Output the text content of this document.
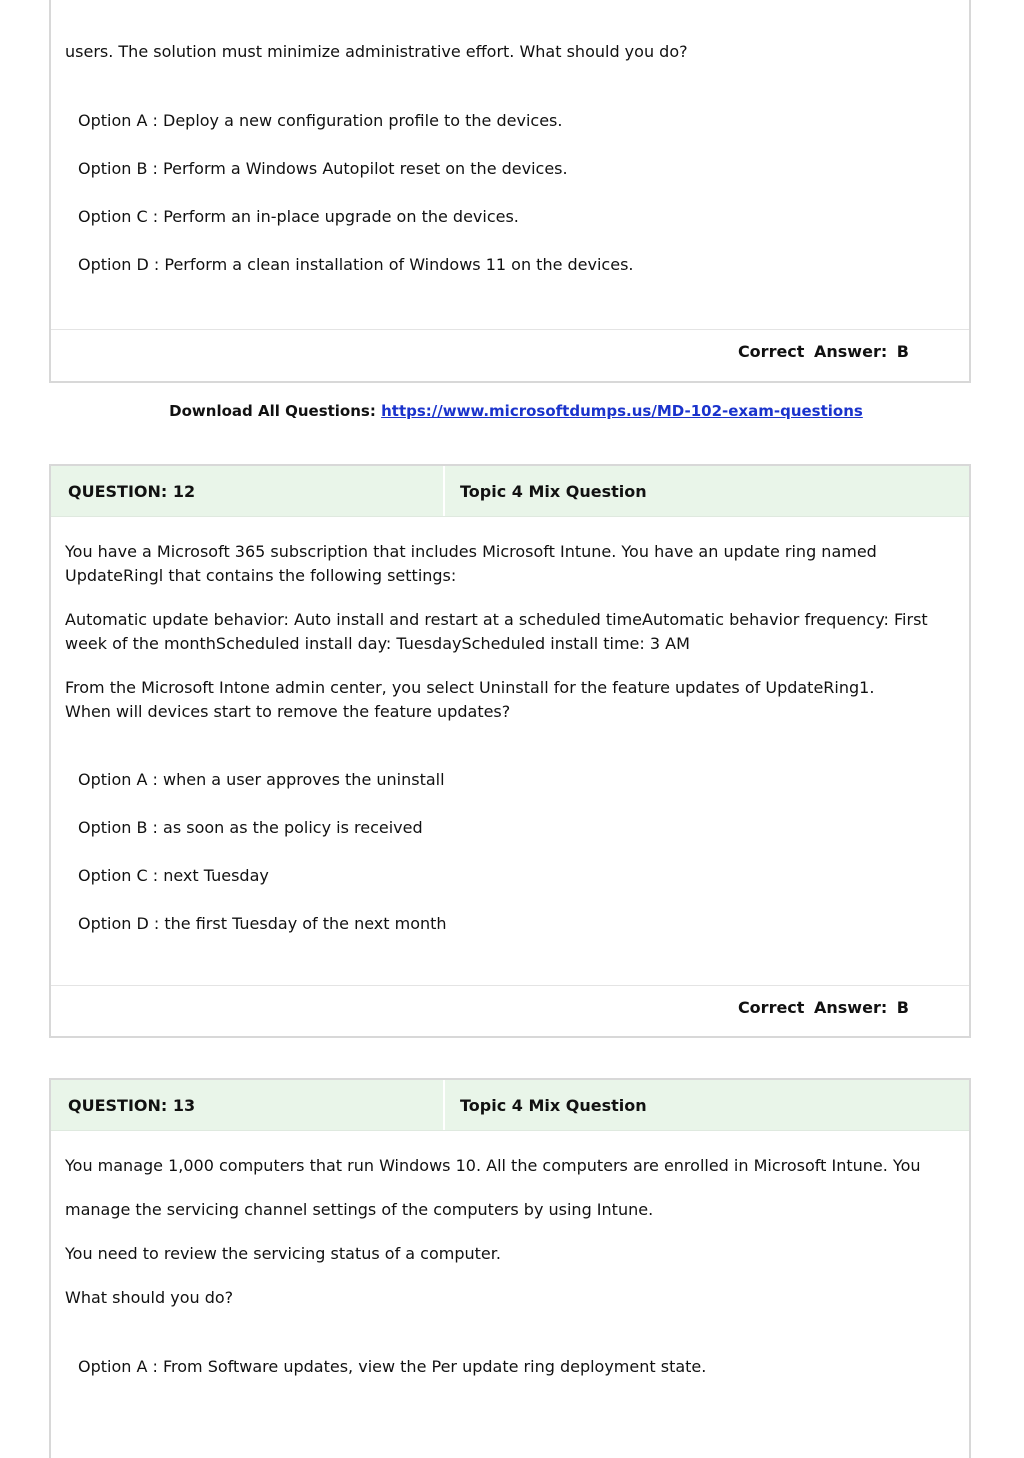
users. The solution must minimize administrative effort. What should you do?
Option A : Deploy a new configuration profile to the devices.
Option B : Perform a Windows Autopilot reset on the devices.
Option C : Perform an in-place upgrade on the devices.
Option D : Perform a clean installation of Windows 11 on the devices.
Correct Answer: B
Download All Questions: https://www.microsoftdumps.us/MD-102-exam-questions
QUESTION: 12	Topic 4 Mix Question
You have a Microsoft 365 subscription that includes Microsoft Intune. You have an update ring named UpdateRingl that contains the following settings:
Automatic update behavior: Auto install and restart at a scheduled timeAutomatic behavior frequency: First week of the monthScheduled install day: TuesdayScheduled install time: 3 AM
From the Microsoft Intone admin center, you select Uninstall for the feature updates of UpdateRing1.
When will devices start to remove the feature updates?
Option A : when a user approves the uninstall
Option B : as soon as the policy is received
Option C : next Tuesday
Option D : the first Tuesday of the next month
Correct Answer: B
QUESTION: 13	Topic 4 Mix Question
You manage 1,000 computers that run Windows 10. All the computers are enrolled in Microsoft Intune. You
manage the servicing channel settings of the computers by using Intune.
You need to review the servicing status of a computer.
What should you do?
Option A : From Software updates, view the Per update ring deployment state.
